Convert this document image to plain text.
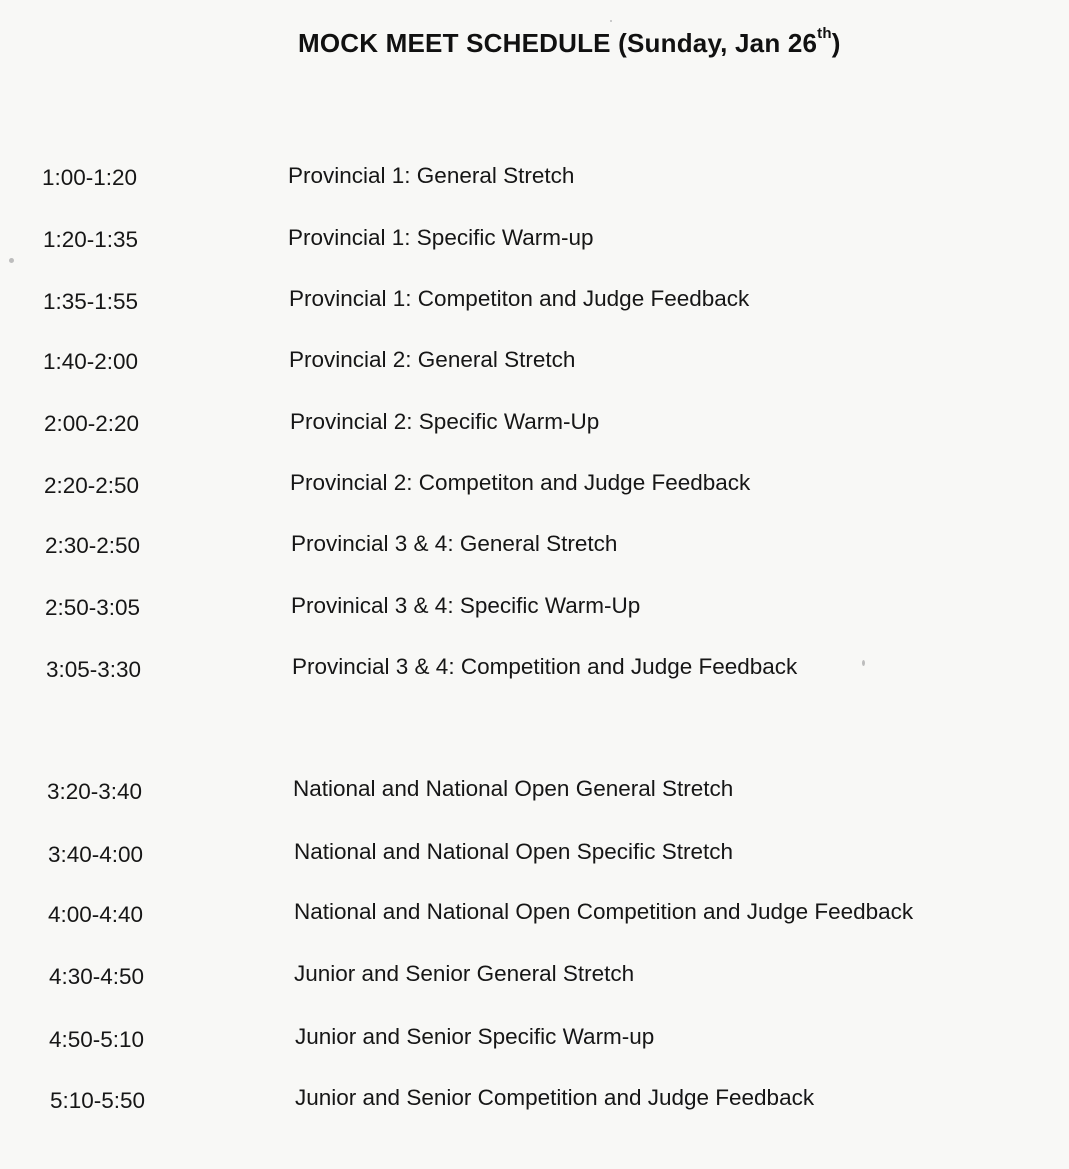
MOCK MEET SCHEDULE (Sunday, Jan 26th)
1:00-1:20	Provincial 1: General Stretch
1:20-1:35	Provincial 1: Specific Warm-up
1:35-1:55	Provincial 1: Competiton and Judge Feedback
1:40-2:00	Provincial 2: General Stretch
2:00-2:20	Provincial 2: Specific Warm-Up
2:20-2:50	Provincial 2: Competiton and Judge Feedback
2:30-2:50	Provincial 3 & 4: General Stretch
2:50-3:05	Provinical 3 & 4: Specific Warm-Up
3:05-3:30	Provincial 3 & 4: Competition and Judge Feedback
3:20-3:40	National and National Open General Stretch
3:40-4:00	National and National Open Specific Stretch
4:00-4:40	National and National Open Competition and Judge Feedback
4:30-4:50	Junior and Senior General Stretch
4:50-5:10	Junior and Senior Specific Warm-up
5:10-5:50	Junior and Senior Competition and Judge Feedback
